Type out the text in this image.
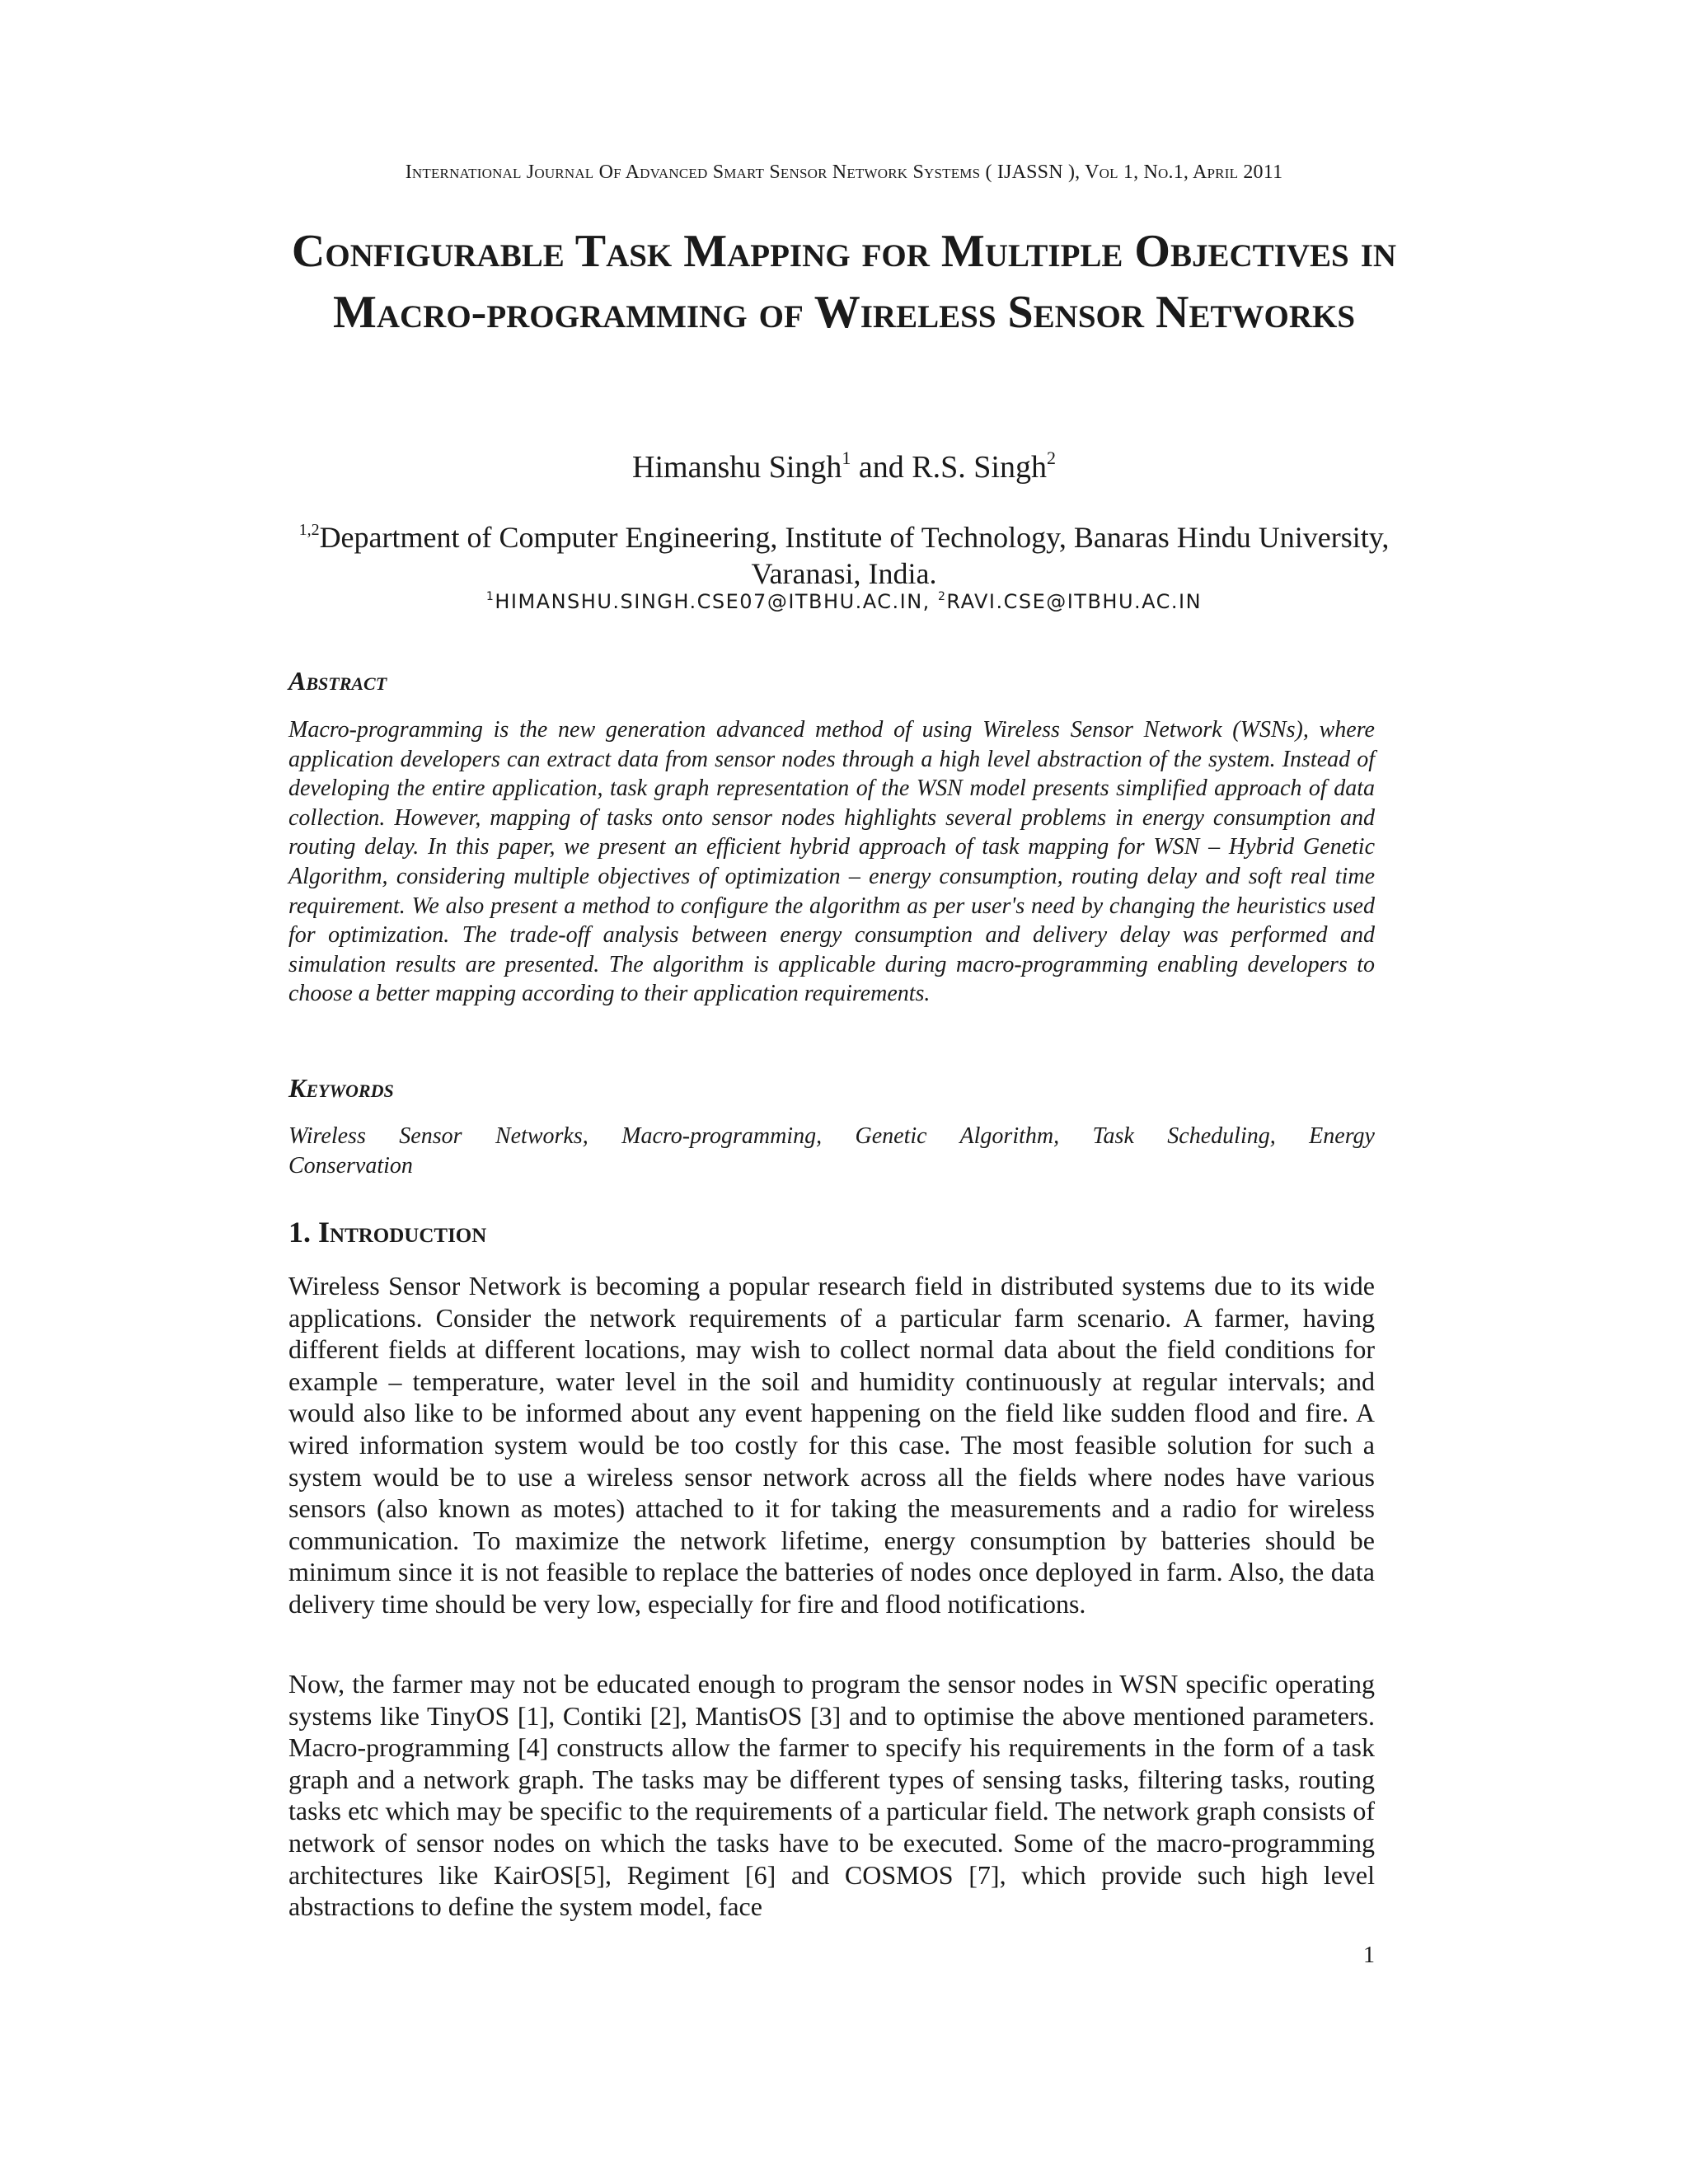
International Journal Of Advanced Smart Sensor Network Systems ( IJASSN ), Vol 1, No.1, April 2011
Configurable Task Mapping for Multiple Objectives in Macro-programming of Wireless Sensor Networks
Himanshu Singh$^1$ and R.S. Singh$^2$
$^{1,2}$Department of Computer Engineering, Institute of Technology, Banaras Hindu University, Varanasi, India.
$^1$HIMANSHU.SINGH.CSE07@ITBHU.AC.IN, $^2$RAVI.CSE@ITBHU.AC.IN
Abstract
Macro-programming is the new generation advanced method of using Wireless Sensor Network (WSNs), where application developers can extract data from sensor nodes through a high level abstraction of the system. Instead of developing the entire application, task graph representation of the WSN model presents simplified approach of data collection. However, mapping of tasks onto sensor nodes highlights several problems in energy consumption and routing delay. In this paper, we present an efficient hybrid approach of task mapping for WSN – Hybrid Genetic Algorithm, considering multiple objectives of optimization – energy consumption, routing delay and soft real time requirement. We also present a method to configure the algorithm as per user's need by changing the heuristics used for optimization. The trade-off analysis between energy consumption and delivery delay was performed and simulation results are presented. The algorithm is applicable during macro-programming enabling developers to choose a better mapping according to their application requirements.
Keywords
Wireless Sensor Networks, Macro-programming, Genetic Algorithm, Task Scheduling, Energy
Conservation
1. Introduction
Wireless Sensor Network is becoming a popular research field in distributed systems due to its wide applications. Consider the network requirements of a particular farm scenario. A farmer, having different fields at different locations, may wish to collect normal data about the field conditions for example – temperature, water level in the soil and humidity continuously at regular intervals; and would also like to be informed about any event happening on the field like sudden flood and fire. A wired information system would be too costly for this case. The most feasible solution for such a system would be to use a wireless sensor network across all the fields where nodes have various sensors (also known as motes) attached to it for taking the measurements and a radio for wireless communication. To maximize the network lifetime, energy consumption by batteries should be minimum since it is not feasible to replace the batteries of nodes once deployed in farm. Also, the data delivery time should be very low, especially for fire and flood notifications.
Now, the farmer may not be educated enough to program the sensor nodes in WSN specific operating systems like TinyOS [1], Contiki [2], MantisOS [3] and to optimise the above mentioned parameters. Macro-programming [4] constructs allow the farmer to specify his requirements in the form of a task graph and a network graph. The tasks may be different types of sensing tasks, filtering tasks, routing tasks etc which may be specific to the requirements of a particular field. The network graph consists of network of sensor nodes on which the tasks have to be executed. Some of the macro-programming architectures like KairOS[5], Regiment [6] and COSMOS [7], which provide such high level abstractions to define the system model, face
1
